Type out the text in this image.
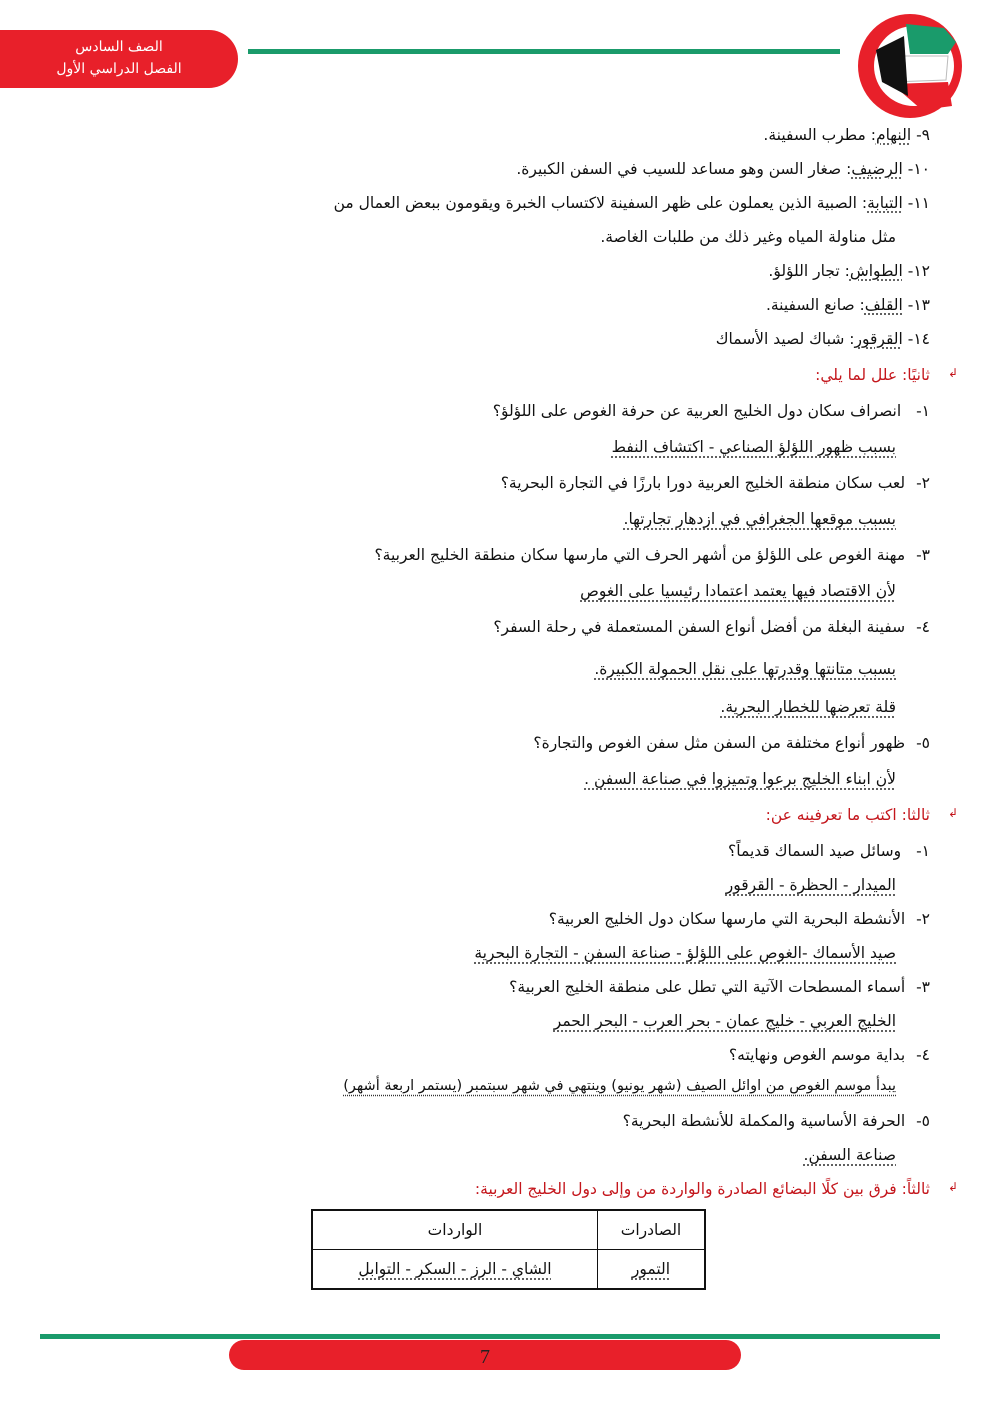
الصف السادس
الفصل الدراسي الأول
٩- النهام: مطرب السفينة.
١٠- الرضيف: صغار السن وهو مساعد للسيب في السفن الكبيرة.
١١- التبابة: الصبية الذين يعملون على ظهر السفينة لاكتساب الخبرة ويقومون ببعض العمال من
مثل مناولة المياه وغير ذلك من طلبات الغاصة.
١٢- الطواش: تجار اللؤلؤ.
١٣- القلف: صانع السفينة.
١٤- القرقور: شباك لصيد الأسماك
↲
ثانيًا: علل لما يلي:
١- انصراف سكان دول الخليج العربية عن حرفة الغوص على اللؤلؤ؟
بسبب ظهور اللؤلؤ الصناعي - اكتشاف النفط
٢- لعب سكان منطقة الخليج العربية دورا بارزًا في التجارة البحرية؟
بسبب موقعها الجغرافي في ازدهار تجارتها.
٣- مهنة الغوص على اللؤلؤ من أشهر الحرف التي مارسها سكان منطقة الخليج العربية؟
لأن الاقتصاد فيها يعتمد اعتمادا رئيسيا على الغوص
٤- سفينة البغلة من أفضل أنواع السفن المستعملة في رحلة السفر؟
بسبب متانتها وقدرتها على نقل الحمولة الكبيرة.
قلة تعرضها للخطار البحرية.
٥- ظهور أنواع مختلفة من السفن مثل سفن الغوص والتجارة؟
لأن ابناء الخليج برعوا وتميزوا في صناعة السفن .
↲
ثالثا: اكتب ما تعرفينه عن:
١- وسائل صيد السماك قديماً؟
الميدار - الحظرة - القرقور
٢- الأنشطة البحرية التي مارسها سكان دول الخليج العربية؟
صيد الأسماك -الغوص على اللؤلؤ - صناعة السفن - التجارة البحرية
٣- أسماء المسطحات الآتية التي تطل على منطقة الخليج العربية؟
الخليج العربي - خليج عمان - بحر العرب - البحر الحمر
٤- بداية موسم الغوص ونهايته؟
يبدأ موسم الغوص من اوائل الصيف (شهر يونيو) وينتهي في شهر سبتمبر (يستمر اربعة أشهر)
٥- الحرفة الأساسية والمكملة للأنشطة البحرية؟
صناعة السفن.
↲
ثالثاً: فرق بين كلًا البضائع الصادرة والواردة من وإلى دول الخليج العربية:
الصادرات	الواردات
التمور	الشاي - الرز - السكر - التوابل
7
